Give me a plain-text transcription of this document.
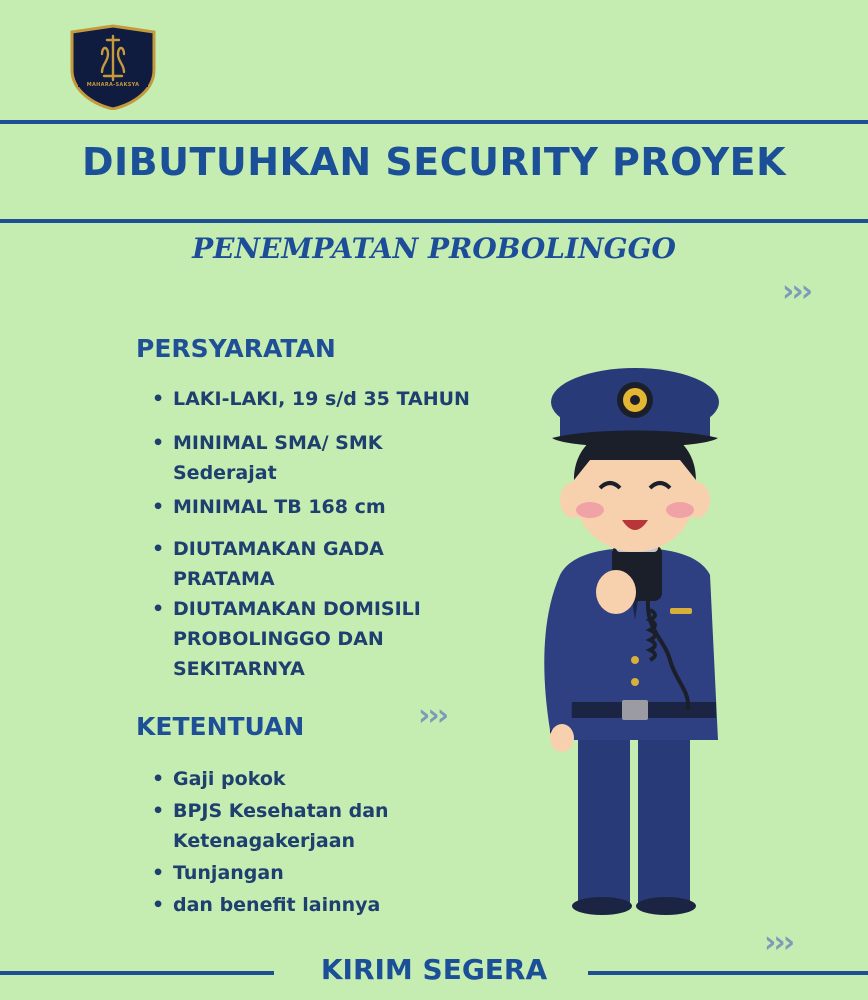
MAHARA-SAKSYA
DIBUTUHKAN SECURITY PROYEK
PENEMPATAN PROBOLINGGO
›››
›››
›››
PERSYARATAN
• LAKI-LAKI, 19 s/d 35 TAHUN
• MINIMAL SMA/ SMK Sederajat
• MINIMAL TB 168 cm
• DIUTAMAKAN GADA PRATAMA
• DIUTAMAKAN DOMISILI PROBOLINGGO DAN SEKITARNYA
KETENTUAN
• Gaji pokok
• BPJS Kesehatan dan Ketenagakerjaan
• Tunjangan
• dan benefit lainnya
KIRIM SEGERA
